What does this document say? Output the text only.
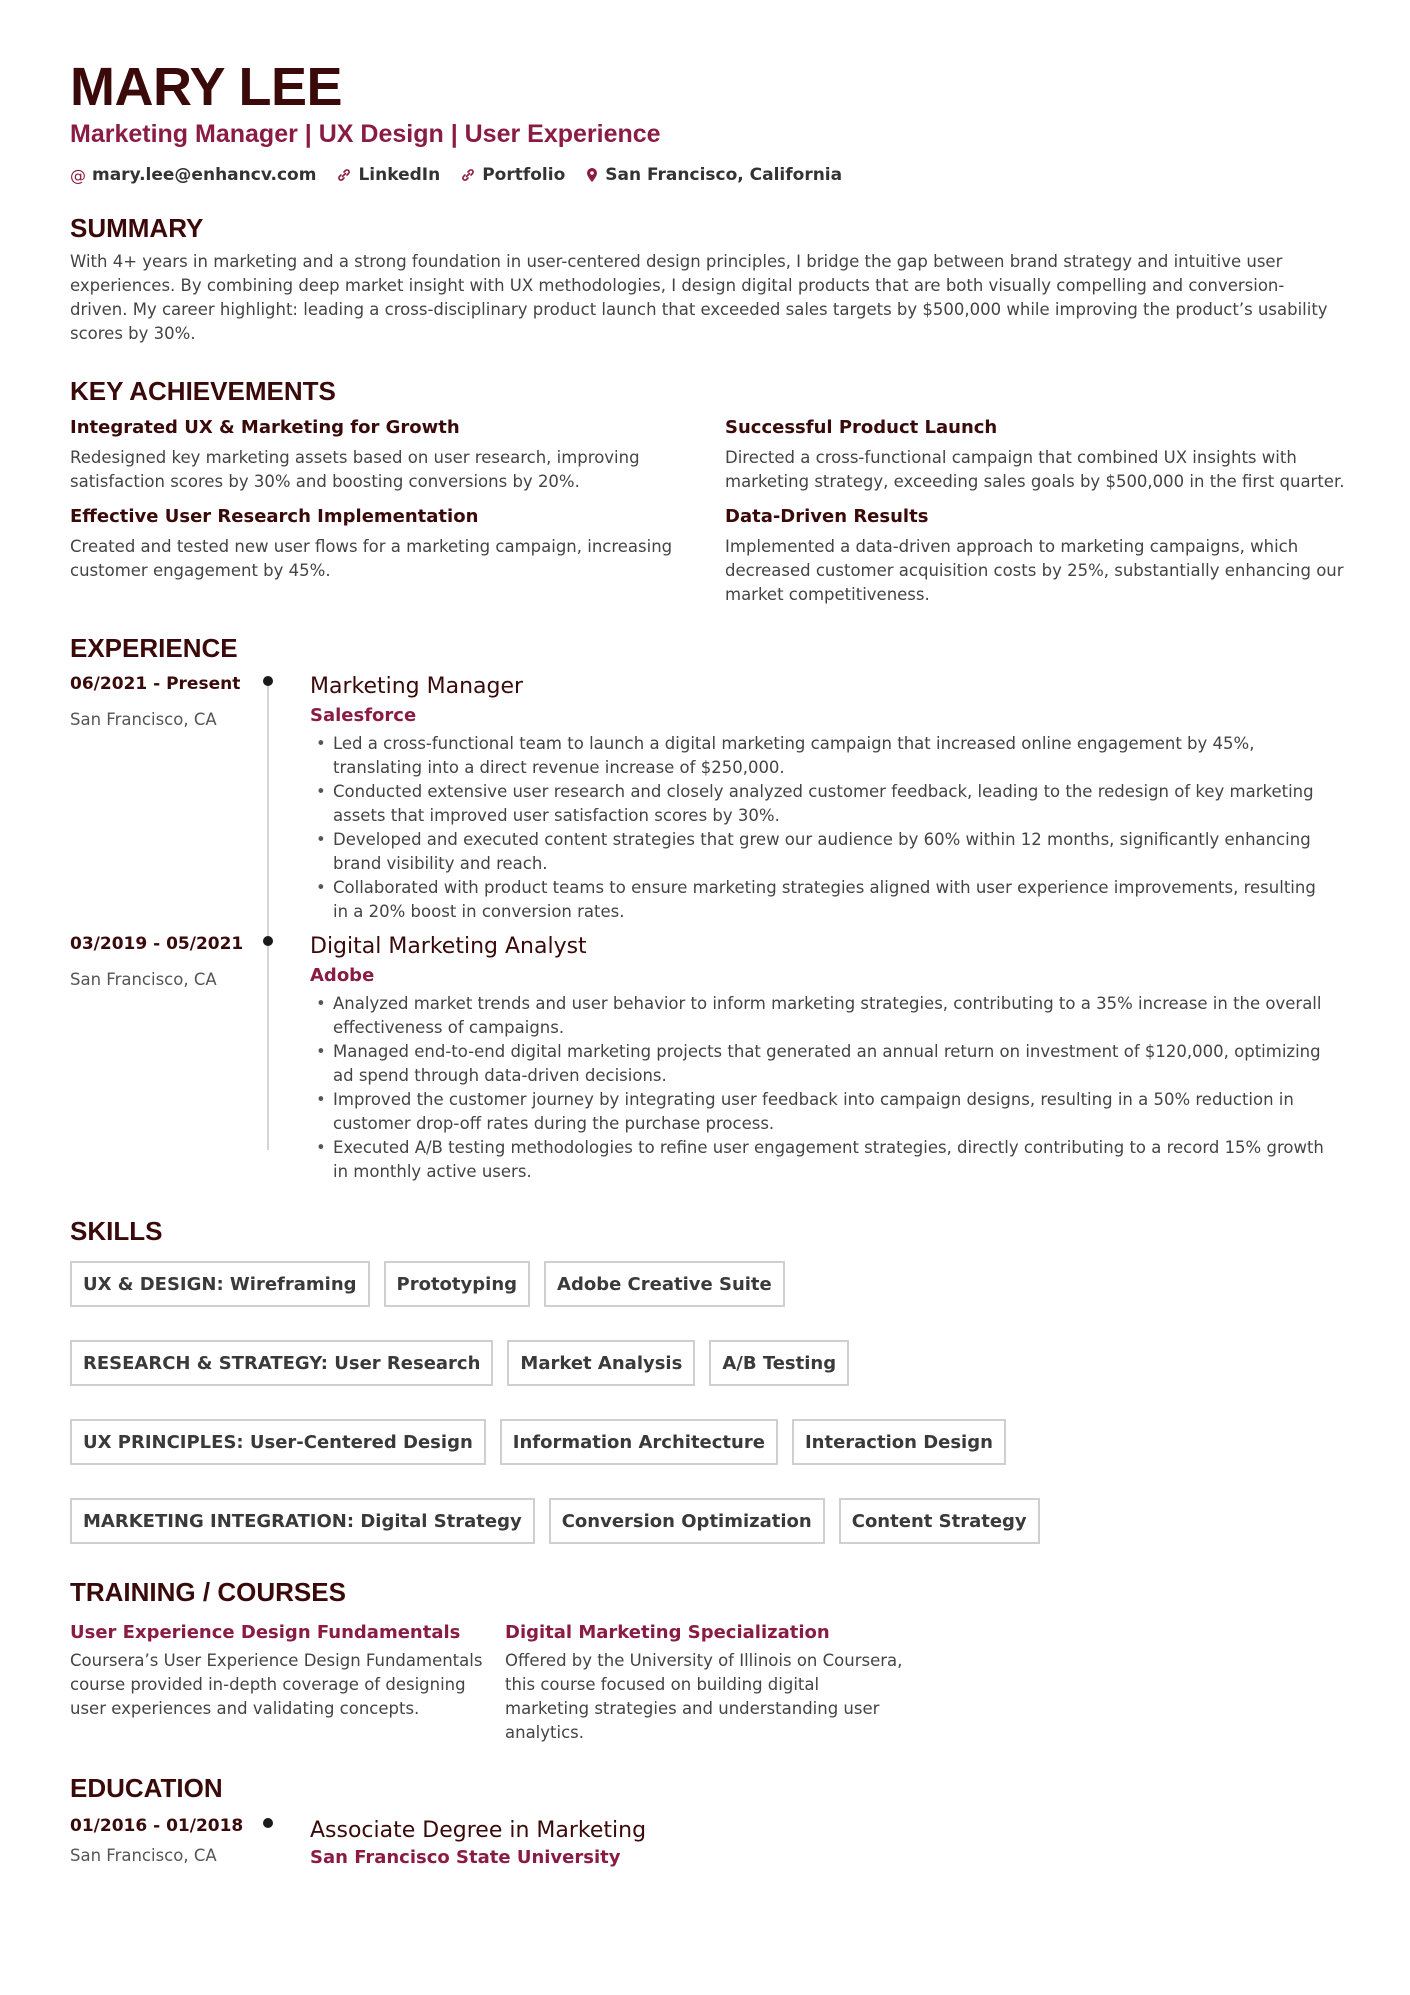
MARY LEE
Marketing Manager | UX Design | User Experience
@ mary.lee@enhancv.com LinkedIn Portfolio San Francisco, California
SUMMARY
With 4+ years in marketing and a strong foundation in user-centered design principles, I bridge the gap between brand strategy and intuitive user experiences. By combining deep market insight with UX methodologies, I design digital products that are both visually compelling and conversion-driven. My career highlight: leading a cross-disciplinary product launch that exceeded sales targets by $500,000 while improving the product’s usability scores by 30%.
KEY ACHIEVEMENTS
Integrated UX & Marketing for Growth
Redesigned key marketing assets based on user research, improving satisfaction scores by 30% and boosting conversions by 20%.
Successful Product Launch
Directed a cross-functional campaign that combined UX insights with marketing strategy, exceeding sales goals by $500,000 in the first quarter.
Effective User Research Implementation
Created and tested new user flows for a marketing campaign, increasing customer engagement by 45%.
Data-Driven Results
Implemented a data-driven approach to marketing campaigns, which decreased customer acquisition costs by 25%, substantially enhancing our market competitiveness.
EXPERIENCE
06/2021 - Present
San Francisco, CA
Marketing Manager
Salesforce
• Led a cross-functional team to launch a digital marketing campaign that increased online engagement by 45%, translating into a direct revenue increase of $250,000.
• Conducted extensive user research and closely analyzed customer feedback, leading to the redesign of key marketing assets that improved user satisfaction scores by 30%.
• Developed and executed content strategies that grew our audience by 60% within 12 months, significantly enhancing brand visibility and reach.
• Collaborated with product teams to ensure marketing strategies aligned with user experience improvements, resulting in a 20% boost in conversion rates.
03/2019 - 05/2021
San Francisco, CA
Digital Marketing Analyst
Adobe
• Analyzed market trends and user behavior to inform marketing strategies, contributing to a 35% increase in the overall effectiveness of campaigns.
• Managed end-to-end digital marketing projects that generated an annual return on investment of $120,000, optimizing ad spend through data-driven decisions.
• Improved the customer journey by integrating user feedback into campaign designs, resulting in a 50% reduction in customer drop-off rates during the purchase process.
• Executed A/B testing methodologies to refine user engagement strategies, directly contributing to a record 15% growth in monthly active users.
SKILLS
UX & DESIGN: Wireframing	Prototyping	Adobe Creative Suite
RESEARCH & STRATEGY: User Research	Market Analysis	A/B Testing
UX PRINCIPLES: User-Centered Design	Information Architecture	Interaction Design
MARKETING INTEGRATION: Digital Strategy	Conversion Optimization	Content Strategy
TRAINING / COURSES
User Experience Design Fundamentals
Coursera’s User Experience Design Fundamentals course provided in-depth coverage of designing user experiences and validating concepts.
Digital Marketing Specialization
Offered by the University of Illinois on Coursera, this course focused on building digital marketing strategies and understanding user analytics.
EDUCATION
01/2016 - 01/2018
San Francisco, CA
Associate Degree in Marketing
San Francisco State University
